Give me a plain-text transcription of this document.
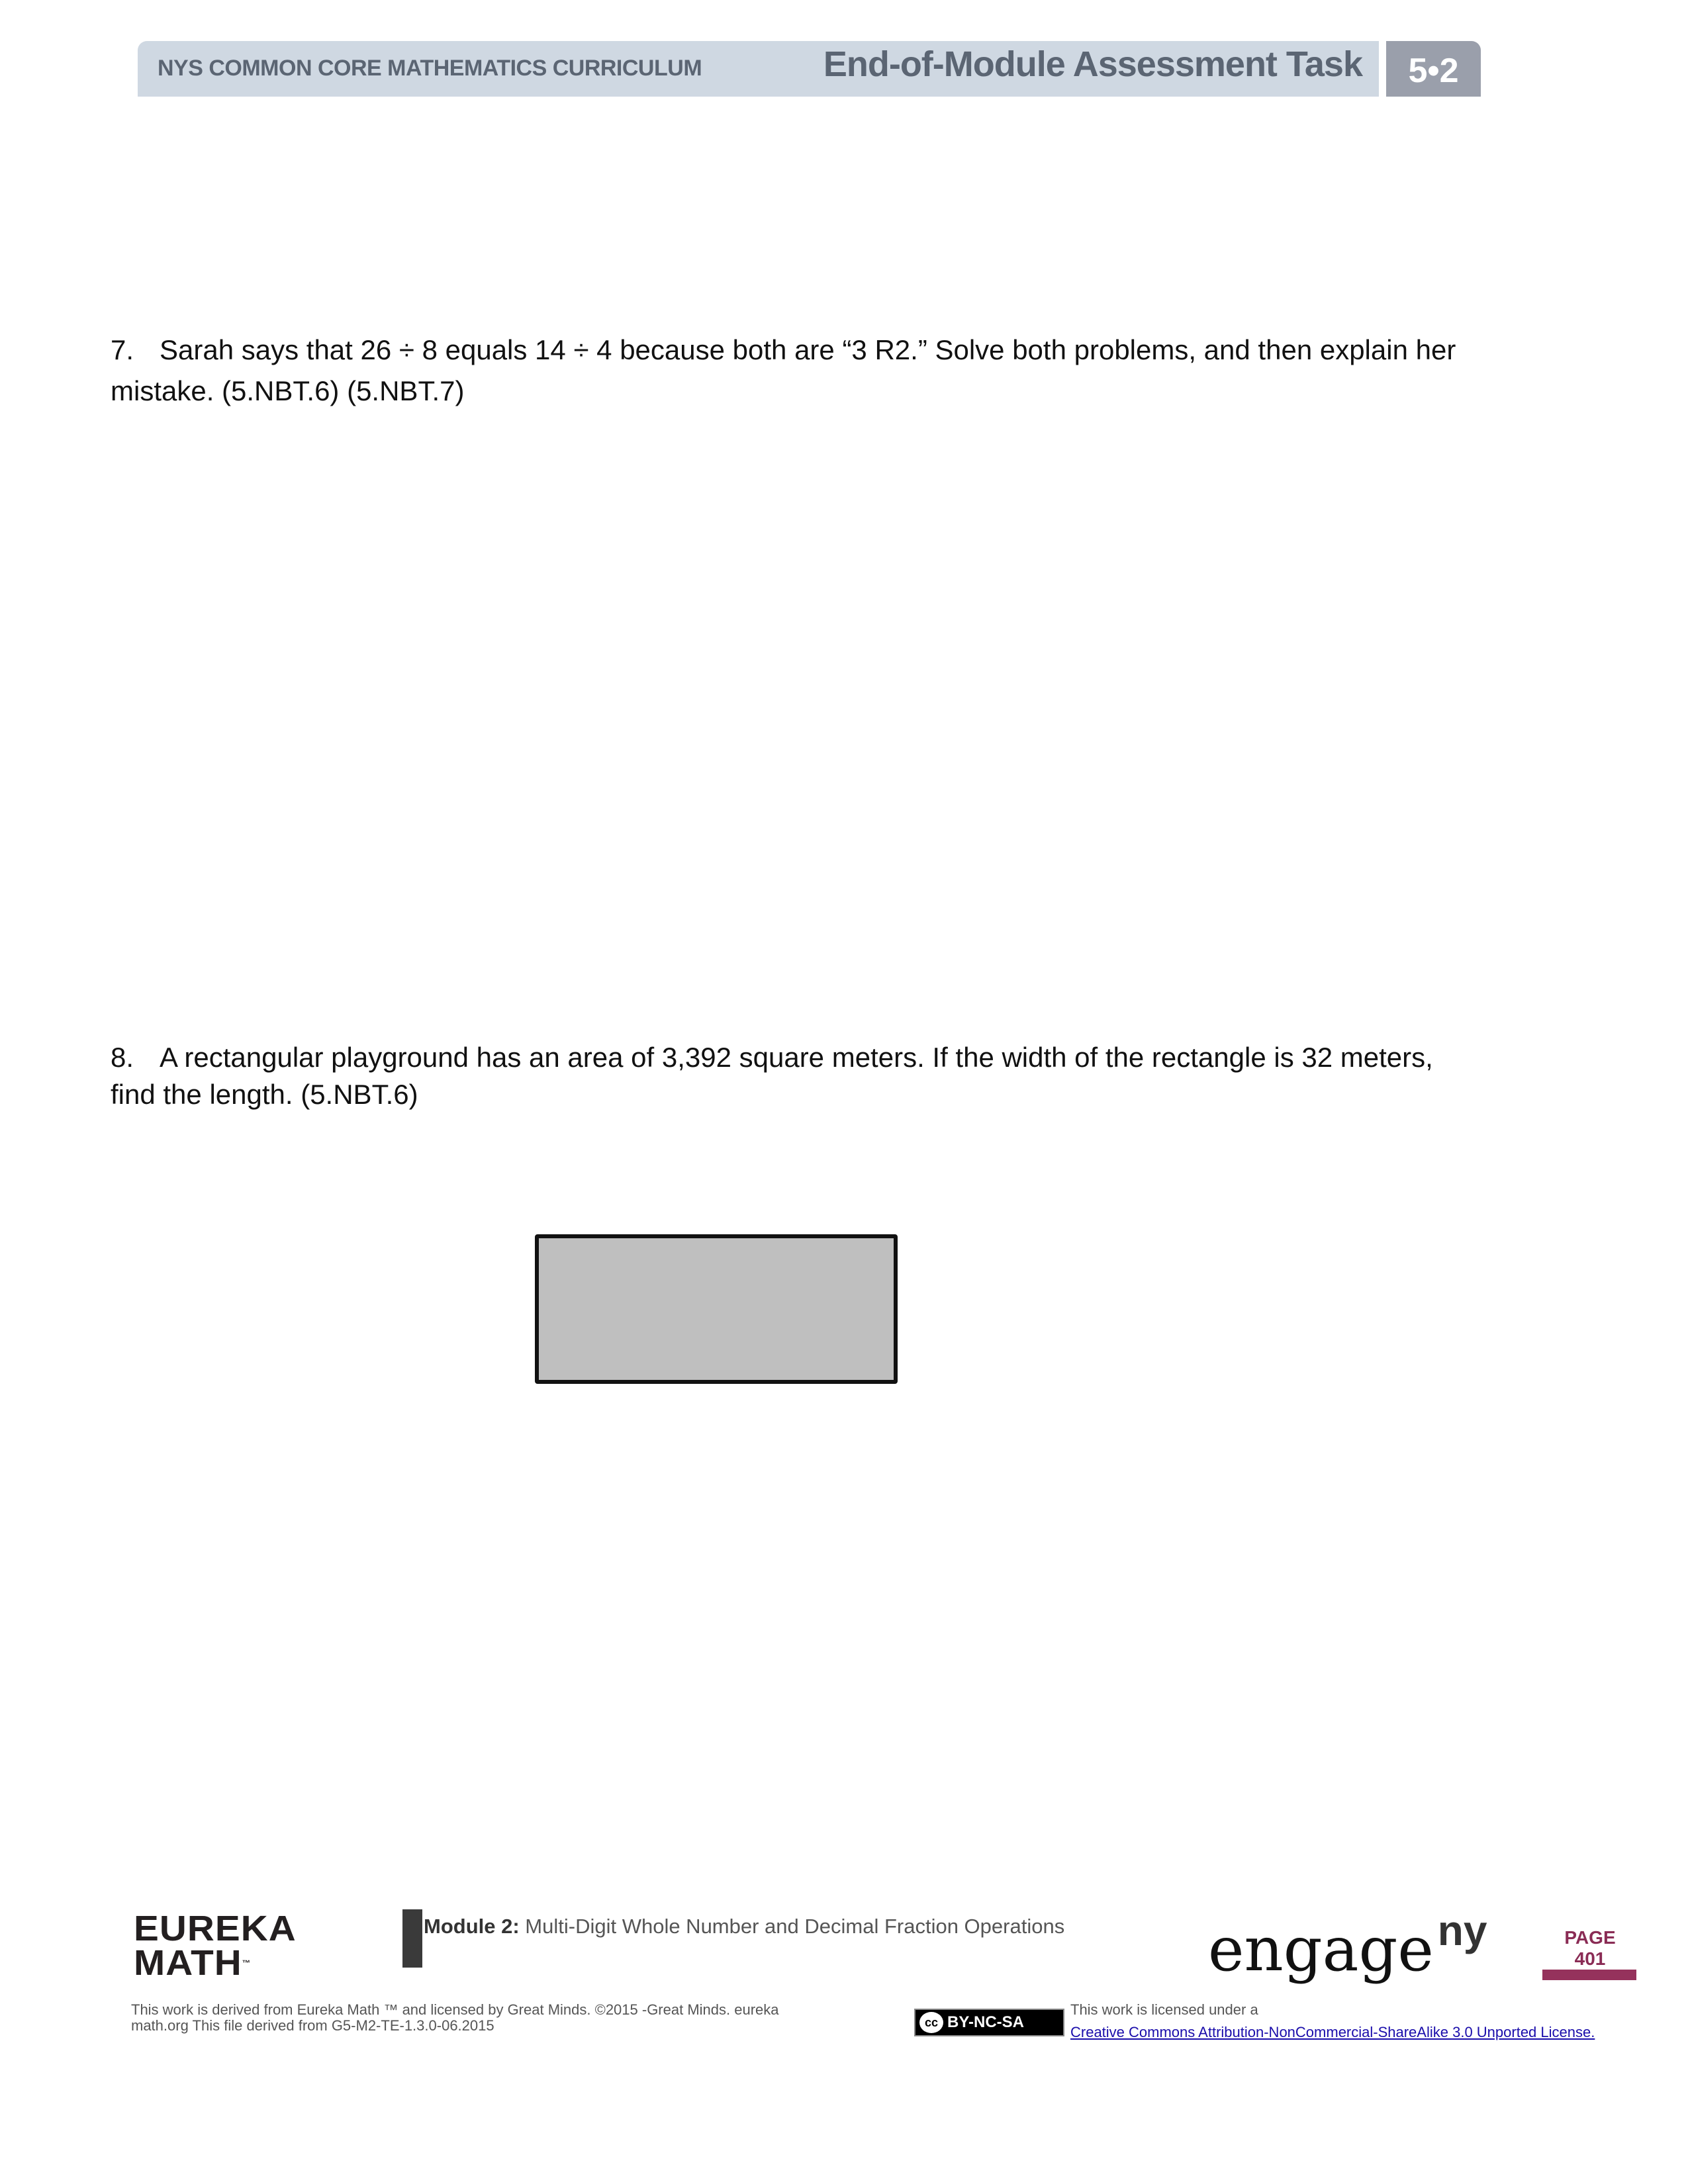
NYS COMMON CORE MATHEMATICS CURRICULUM	End-of-Module Assessment Task	5•2
7. Sarah says that 26 ÷ 8 equals 14 ÷ 4 because both are “3 R2.” Solve both problems, and then explain her
mistake. (5.NBT.6) (5.NBT.7)
8. A rectangular playground has an area of 3,392 square meters. If the width of the rectangle is 32 meters,
find the length. (5.NBT.6)
EUREKA
MATH™
Module 2: Multi-Digit Whole Number and Decimal Fraction Operations engage$^{ny}$	PAGE
401
This work is derived from Eureka Math ™ and licensed by Great Minds. ©2015 -Great Minds. eureka
math.org This file derived from G5-M2-TE-1.3.0-06.2015	cc BY-NC-SA
This work is licensed under a
Creative Commons Attribution-NonCommercial-ShareAlike 3.0 Unported License.
